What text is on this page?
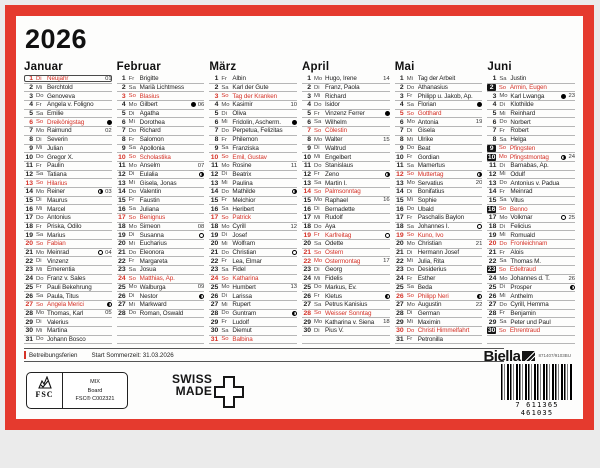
2026
Januar
1 Di Neujahr	01
2 Mi Berchtold
3 Do Genoveva
4 Fr Angela v. Foligno
5 Sa Emilie
6 So Dreikönigstag
7 Mo Raimund	02
8 Di Severin
9 Mi Julian
10 Do Gregor X.
11 Fr Paulin
12 Sa Tatiana
13 So Hilarius
14 Mo Reiner	03
15 Di Maurus
16 Mi Marcel
17 Do Antonius
18 Fr Priska, Odilo
19 Sa Marius
20 So Fabian
21 Mo Meinrad	04
22 Di Vinzenz
23 Mi Emerentia
24 Do Franz v. Sales
25 Fr Pauli Bekehrung
26 Sa Paula, Titus
27 So Angela Merici
28 Mo Thomas, Karl	05
29 Di Valerius
30 Mi Martina
31 Do Johann Bosco
Februar
1 Fr Brigitte
2 Sa Mariä Lichtmess
3 So Blasius
4 Mo Gilbert	06
5 Di Agatha
6 Mi Dorothea
7 Do Richard
8 Fr Salomon
9 Sa Apollonia
10 So Scholastika
11 Mo Anselm	07
12 Di Eulalia
13 Mi Gisela, Jonas
14 Do Valentin
15 Fr Faustin
16 Sa Juliana
17 So Benignus
18 Mo Simeon	08
19 Di Susanna
20 Mi Eucharius
21 Do Eleonora
22 Fr Margareta
23 Sa Josua
24 So Matthias, Ap.
25 Mo Walburga	09
26 Di Nestor
27 Mi Markward
28 Do Roman, Oswald
März
1 Fr Albin
2 Sa Karl der Gute
3 So Tag der Kranken
4 Mo Kasimir	10
5 Di Oliva
6 Mi Fridolin, Ascherm.
7 Do Perpetua, Felizitas
8 Fr Philemon
9 Sa Franziska
10 So Emil, Gustav
11 Mo Rosine	11
12 Di Beatrix
13 Mi Paulina
14 Do Mathilde
15 Fr Melchior
16 Sa Heribert
17 So Patrick
18 Mo Cyrill	12
19 Di Josef
20 Mi Wolfram
21 Do Christian
22 Fr Lea, Elmar
23 Sa Fidel
24 So Katharina
25 Mo Humbert	13
26 Di Larissa
27 Mi Rupert
28 Do Guntram
29 Fr Ludolf
30 Sa Diemut
31 So Balbina
April
1 Mo Hugo, Irene	14
2 Di Franz, Paola
3 Mi Richard
4 Do Isidor
5 Fr Vinzenz Ferrer
6 Sa Wilhelm
7 So Cölestin
8 Mo Walter	15
9 Di Waltrud
10 Mi Engelbert
11 Do Stanislaus
12 Fr Zeno
13 Sa Martin I.
14 So Palmsonntag
15 Mo Raphael	16
16 Di Bernadette
17 Mi Rudolf
18 Do Aya
19 Fr Karfreitag
20 Sa Odette
21 So Ostern
22 Mo Ostermontag	17
23 Di Georg
24 Mi Fidelis
25 Do Markus, Ev.
26 Fr Kletus
27 Sa Petrus Kanisius
28 So Weisser Sonntag
29 Mo Katharina v. Siena	18
30 Di Pius V.
Mai
1 Mi Tag der Arbeit
2 Do Athanasius
3 Fr Philipp u. Jakob, Ap.
4 Sa Florian
5 So Gotthard
6 Mo Antonia	19
7 Di Gisela
8 Mi Ulrike
9 Do Beat
10 Fr Gordian
11 Sa Mamertus
12 So Muttertag
13 Mo Servatius	20
14 Di Bonifatius
15 Mi Sophie
16 Do Ubald
17 Fr Paschalis Baylon
18 Sa Johannes I.
19 So Kuno, Ivo
20 Mo Christian	21
21 Di Hermann Josef
22 Mi Julia, Rita
23 Do Desiderius
24 Fr Esther
25 Sa Beda
26 So Philipp Neri
27 Mo Augustin	22
28 Di German
29 Mi Maximin
30 Do Christi Himmelfahrt
31 Fr Petronilla
Juni
1 Sa Justin
2 So Armin, Eugen
3 Mo Karl Lwanga	23
4 Di Klothilde
5 Mi Reinhard
6 Do Norbert
7 Fr Robert
8 Sa Helga
9 So Pfingsten
10 Mo Pfingstmontag	24
11 Di Barnabas, Ap.
12 Mi Odulf
13 Do Antonius v. Padua
14 Fr Meinrad
15 Sa Vitus
16 So Benno
17 Mo Volkmar	25
18 Di Felicius
19 Mi Romuald
20 Do Fronleichnam
21 Fr Alois
22 Sa Thomas M.
23 So Edeltraud
24 Mo Johannes d. T.	26
25 Di Prosper
26 Mi Anthelm
27 Do Cyrill, Hemma
28 Fr Benjamin
29 Sa Peter und Paul
30 So Ehrentraud
Betreibungsferien Start Sommerzeit: 31.03.2026
FSC
MIX
Board
FSC® C002321
SWISS
MADE
Biella	871407/9103BU
7 611365 461035
